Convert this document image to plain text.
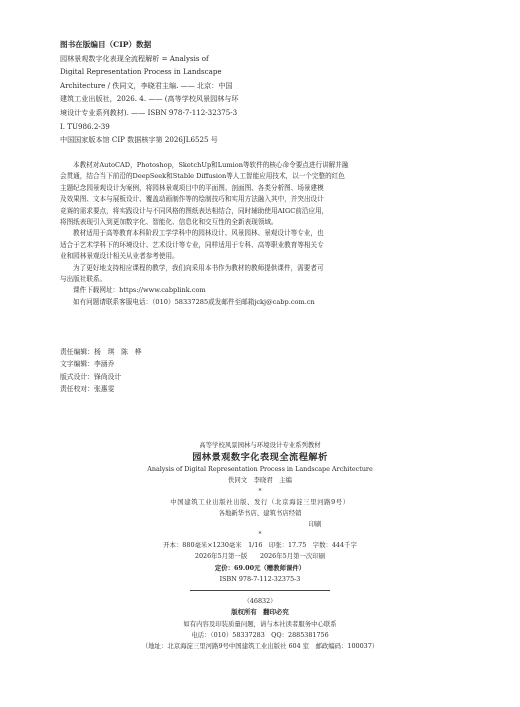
图书在版编目（CIP）数据
园林景观数字化表现全流程解析 = Analysis of
Digital Representation Process in Landscape
Architecture / 佚同文，李晓君主编. —— 北京：中国
建筑工业出版社，2026. 4. —— (高等学校风景园林与环
境设计专业系列教材). —— ISBN 978-7-112-32375-3
Ⅰ. TU986.2-39
中国国家版本馆 CIP 数据核字第 2026JL6525 号
本教材对AutoCAD，Photoshop，SketchUp和Lumion等软件的核心命令要点进行讲解并融
会贯通，结合当下前沿的DeepSeek和Stable Diffusion等人工智能应用技术，以一个完整的红色
主题纪念园景观设计为案例，将园林景观项目中的平面图、剖面图、各类分析图、场景建模
及效果图、文本与展板设计、覆盖动画制作等的绘制技巧和实用方法融入其中，并突出设计
竞赛的需求要点，将实践设计与不同风格的图纸表达相结合，同时辅助使用AIGC前沿应用，
将图纸表现引入到更加数字化、智能化、信息化和交互性的全新表现领域。
教材适用于高等教育本科阶段工学学科中的园林设计、风景园林、景观设计等专业，也
适合于艺术学科下的环境设计、艺术设计等专业，同样适用于专科、高等职业教育等相关专
业和园林景观设计相关从业者参考使用。
为了更好地支持相应课程的教学，我们向采用本书作为教材的教师提供课件，需要者可
与出版社联系。
课件下载网址：https://www.cabplink.com
如有问题请联系客服电话：（010）58337285或发邮件至邮箱jckj@cabp.com.cn
责任编辑：杨　琪　陈　桦
文字编辑：李涵乔
版式设计：锋尚设计
责任校对：张惠雯
高等学校风景园林与环境设计专业系列教材
园林景观数字化表现全流程解析
Analysis of Digital Representation Process in Landscape Architecture
佚同文　李晓君　主编
*
中国建筑工业出版社出版、发行（北京海淀三里河路9号）
各地新华书店、建筑书店经销
印刷
*
开本：880毫米×1230毫米　1/16　印张：17.75　字数：444千字
2026年5月第一版　　2026年5月第一次印刷
定价：69.00元（赠教师课件）
ISBN 978-7-112-32375-3
（46832）
版权所有　翻印必究
如有内容及印装质量问题，请与本社读者服务中心联系
电话：（010）58337283　QQ：2885381756
（地址：北京海淀三里河路9号中国建筑工业出版社 604 室　邮政编码：100037）
